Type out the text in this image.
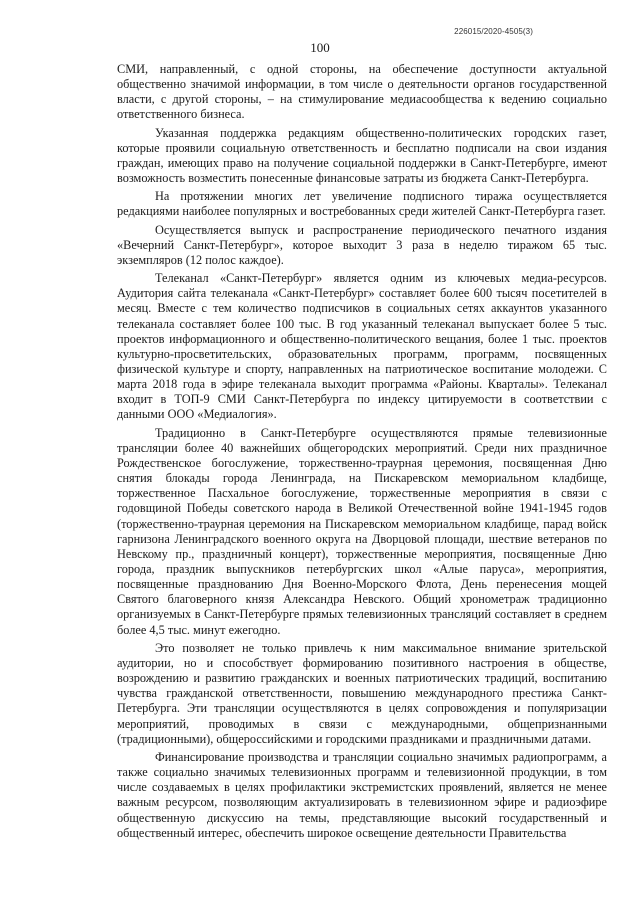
226015/2020-4505(3)
100

СМИ, направленный, с одной стороны, на обеспечение доступности актуальной общественно значимой информации, в том числе о деятельности органов государственной власти, с другой стороны, – на стимулирование медиасообщества к ведению социально ответственного бизнеса.

Указанная поддержка редакциям общественно-политических городских газет, которые проявили социальную ответственность и бесплатно подписали на свои издания граждан, имеющих право на получение социальной поддержки в Санкт-Петербурге, имеют возможность возместить понесенные финансовые затраты из бюджета Санкт-Петербурга.

На протяжении многих лет увеличение подписного тиража осуществляется редакциями наиболее популярных и востребованных среди жителей Санкт-Петербурга газет.

Осуществляется выпуск и распространение периодического печатного издания «Вечерний Санкт-Петербург», которое выходит 3 раза в неделю тиражом 65 тыс. экземпляров (12 полос каждое).

Телеканал «Санкт-Петербург» является одним из ключевых медиа-ресурсов. Аудитория сайта телеканала «Санкт-Петербург» составляет более 600 тысяч посетителей в месяц. Вместе с тем количество подписчиков в социальных сетях аккаунтов указанного телеканала составляет более 100 тыс. В год указанный телеканал выпускает более 5 тыс. проектов информационного и общественно-политического вещания, более 1 тыс. проектов культурно-просветительских, образовательных программ, программ, посвященных физической культуре и спорту, направленных на патриотическое воспитание молодежи. С марта 2018 года в эфире телеканала выходит программа «Районы. Кварталы». Телеканал входит в ТОП-9 СМИ Санкт-Петербурга по индексу цитируемости в соответствии с данными ООО «Медиалогия».

Традиционно в Санкт-Петербурге осуществляются прямые телевизионные трансляции более 40 важнейших общегородских мероприятий. Среди них праздничное Рождественское богослужение, торжественно-траурная церемония, посвященная Дню снятия блокады города Ленинграда, на Пискаревском мемориальном кладбище, торжественное Пасхальное богослужение, торжественные мероприятия в связи с годовщиной Победы советского народа в Великой Отечественной войне 1941-1945 годов (торжественно-траурная церемония на Пискаревском мемориальном кладбище, парад войск гарнизона Ленинградского военного округа на Дворцовой площади, шествие ветеранов по Невскому пр., праздничный концерт), торжественные мероприятия, посвященные Дню города, праздник выпускников петербургских школ «Алые паруса», мероприятия, посвященные празднованию Дня Военно-Морского Флота, День перенесения мощей Святого благоверного князя Александра Невского. Общий хронометраж традиционно организуемых в Санкт-Петербурге прямых телевизионных трансляций составляет в среднем более 4,5 тыс. минут ежегодно.

Это позволяет не только привлечь к ним максимальное внимание зрительской аудитории, но и способствует формированию позитивного настроения в обществе, возрождению и развитию гражданских и военных патриотических традиций, воспитанию чувства гражданской ответственности, повышению международного престижа Санкт-Петербурга. Эти трансляции осуществляются в целях сопровождения и популяризации мероприятий, проводимых в связи с международными, общепризнанными (традиционными), общероссийскими и городскими праздниками и праздничными датами.

Финансирование производства и трансляции социально значимых радиопрограмм, а также социально значимых телевизионных программ и телевизионной продукции, в том числе создаваемых в целях профилактики экстремистских проявлений, является не менее важным ресурсом, позволяющим актуализировать в телевизионном эфире и радиоэфире общественную дискуссию на темы, представляющие высокий государственный и общественный интерес, обеспечить широкое освещение деятельности Правительства
